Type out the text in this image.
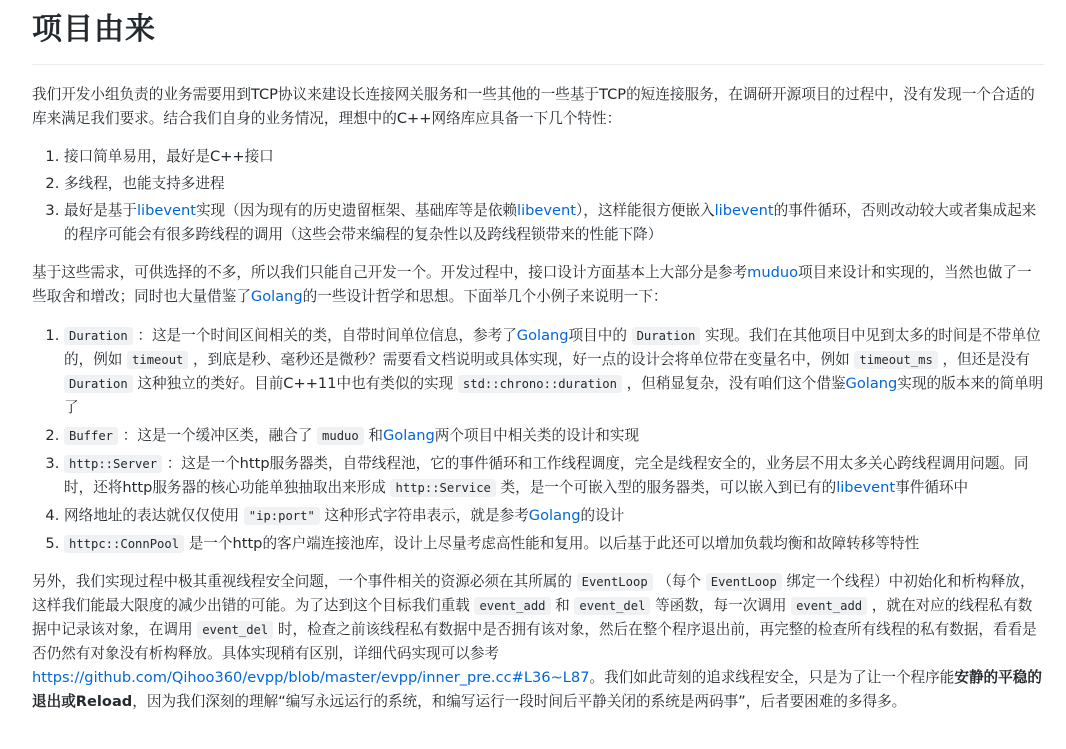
项目由来

我们开发小组负责的业务需要用到TCP协议来建设长连接网关服务和一些其他的一些基于TCP的短连接服务，在调研开源项目的过程中，没有发现一个合适的库来满足我们要求。结合我们自身的业务情况，理想中的C++网络库应具备一下几个特性：

1. 接口简单易用，最好是C++接口
2. 多线程，也能支持多进程
3. 最好是基于libevent实现（因为现有的历史遗留框架、基础库等是依赖libevent），这样能很方便嵌入libevent的事件循环，否则改动较大或者集成起来的程序可能会有很多跨线程的调用（这些会带来编程的复杂性以及跨线程锁带来的性能下降）

基于这些需求，可供选择的不多，所以我们只能自己开发一个。开发过程中，接口设计方面基本上大部分是参考muduo项目来设计和实现的，当然也做了一些取舍和增改；同时也大量借鉴了Golang的一些设计哲学和思想。下面举几个小例子来说明一下：

1. Duration ：这是一个时间区间相关的类，自带时间单位信息，参考了Golang项目中的 Duration 实现。我们在其他项目中见到太多的时间是不带单位的，例如 timeout ，到底是秒、毫秒还是微秒？需要看文档说明或具体实现，好一点的设计会将单位带在变量名中，例如 timeout_ms ，但还是没有 Duration 这种独立的类好。目前C++11中也有类似的实现 std::chrono::duration ，但稍显复杂，没有咱们这个借鉴Golang实现的版本来的简单明了
2. Buffer ：这是一个缓冲区类，融合了 muduo 和Golang两个项目中相关类的设计和实现
3. http::Server ：这是一个http服务器类，自带线程池，它的事件循环和工作线程调度，完全是线程安全的，业务层不用太多关心跨线程调用问题。同时，还将http服务器的核心功能单独抽取出来形成 http::Service 类，是一个可嵌入型的服务器类，可以嵌入到已有的libevent事件循环中
4. 网络地址的表达就仅仅使用 "ip:port" 这种形式字符串表示，就是参考Golang的设计
5. httpc::ConnPool 是一个http的客户端连接池库，设计上尽量考虑高性能和复用。以后基于此还可以增加负载均衡和故障转移等特性

另外，我们实现过程中极其重视线程安全问题，一个事件相关的资源必须在其所属的 EventLoop （每个 EventLoop 绑定一个线程）中初始化和析构释放，这样我们能最大限度的减少出错的可能。为了达到这个目标我们重载 event_add 和 event_del 等函数，每一次调用 event_add ，就在对应的线程私有数据中记录该对象，在调用 event_del 时，检查之前该线程私有数据中是否拥有该对象，然后在整个程序退出前，再完整的检查所有线程的私有数据，看看是否仍然有对象没有析构释放。具体实现稍有区别，详细代码实现可以参考 https://github.com/Qihoo360/evpp/blob/master/evpp/inner_pre.cc#L36~L87。我们如此苛刻的追求线程安全，只是为了让一个程序能安静的平稳的退出或Reload，因为我们深刻的理解“编写永远运行的系统，和编写运行一段时间后平静关闭的系统是两码事”，后者要困难的多得多。
